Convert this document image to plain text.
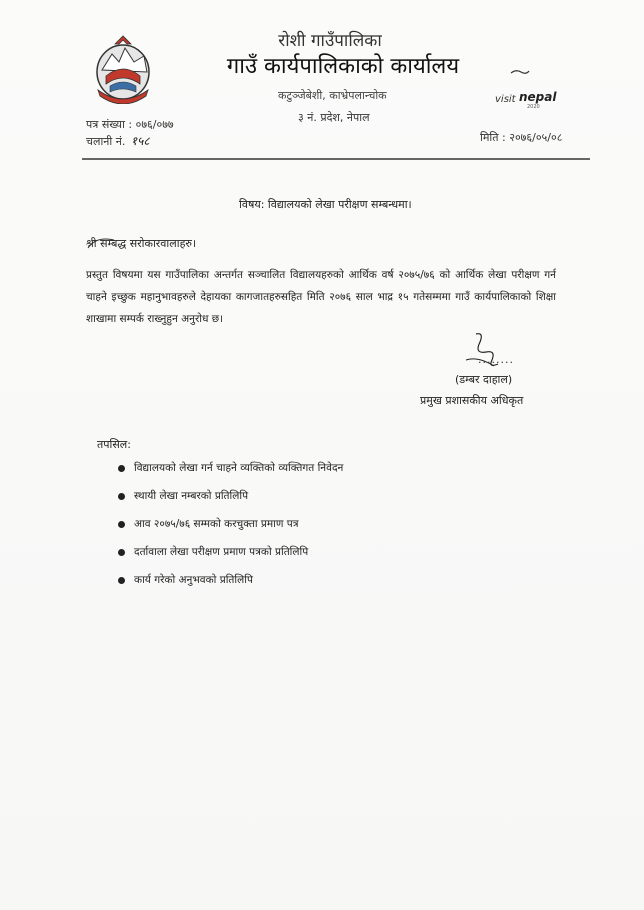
रोशी गाउँपालिका
गाउँ कार्यपालिकाको कार्यालय
कटुञ्जेबेशी, काभ्रेपलान्चोक
३ नं. प्रदेश, नेपाल
visit nepal
2020
पत्र संख्या : ०७६/०७७
चलानी नं. १५८	मिति : २०७६/०५/०८
विषय: विद्यालयको लेखा परीक्षण सम्बन्धमा।
श्री सम्बद्ध सरोकारवालाहरु।
प्रस्तुत विषयमा यस गाउँपालिका अन्तर्गत सञ्चालित विद्यालयहरुको आर्थिक वर्ष २०७५/७६ को आर्थिक लेखा परीक्षण गर्न चाहने इच्छुक महानुभावहरुले देहायका कागजातहरुसहित मिति २०७६ साल भाद्र १५ गतेसम्ममा गाउँ कार्यपालिकाको शिक्षा शाखामा सम्पर्क राख्नुहुन अनुरोध छ।
........
(डम्बर दाहाल)
प्रमुख प्रशासकीय अधिकृत
तपसिल:
विद्यालयको लेखा गर्न चाहने व्यक्तिको व्यक्तिगत निवेदन
स्थायी लेखा नम्बरको प्रतिलिपि
आव २०७५/७६ सम्मको करचुक्ता प्रमाण पत्र
दर्तावाला लेखा परीक्षण प्रमाण पत्रको प्रतिलिपि
कार्य गरेको अनुभवको प्रतिलिपि
